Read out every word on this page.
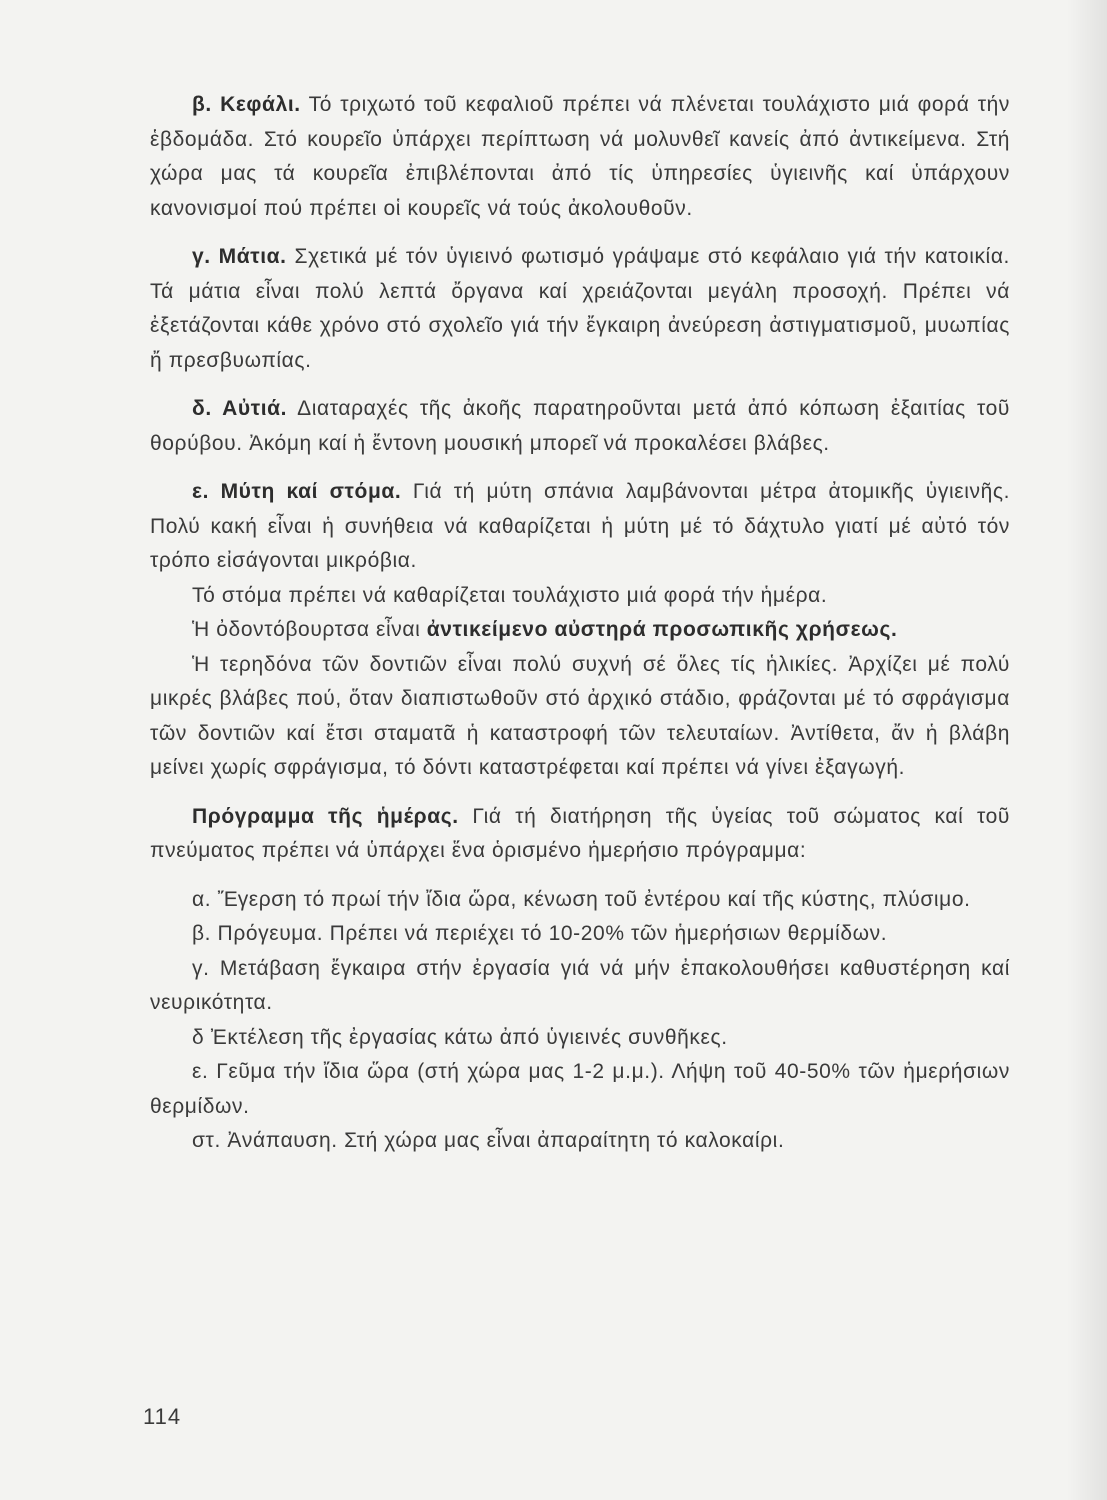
β. Κεφάλι. Τό τριχωτό τοῦ κεφαλιοῦ πρέπει νά πλένεται τουλάχιστο μιά φορά τήν ἑβδομάδα. Στό κουρεῖο ὑπάρχει περίπτωση νά μολυνθεῖ κανείς ἀπό ἀντικείμενα. Στή χώρα μας τά κουρεῖα ἐπιβλέπονται ἀπό τίς ὑπηρεσίες ὑγιεινῆς καί ὑπάρχουν κανονισμοί πού πρέπει οἱ κουρεῖς νά τούς ἀκολουθοῦν.

γ. Μάτια. Σχετικά μέ τόν ὑγιεινό φωτισμό γράψαμε στό κεφάλαιο γιά τήν κατοικία. Τά μάτια εἶναι πολύ λεπτά ὄργανα καί χρειάζονται μεγάλη προσοχή. Πρέπει νά ἐξετάζονται κάθε χρόνο στό σχολεῖο γιά τήν ἔγκαιρη ἀνεύρεση ἀστιγματισμοῦ, μυωπίας ἤ πρεσβυωπίας.

δ. Αὐτιά. Διαταραχές τῆς ἀκοῆς παρατηροῦνται μετά ἀπό κόπωση ἐξαιτίας τοῦ θορύβου. Ἀκόμη καί ἡ ἔντονη μουσική μπορεῖ νά προκαλέσει βλάβες.

ε. Μύτη καί στόμα. Γιά τή μύτη σπάνια λαμβάνονται μέτρα ἀτομικῆς ὑγιεινῆς. Πολύ κακή εἶναι ἡ συνήθεια νά καθαρίζεται ἡ μύτη μέ τό δάχτυλο γιατί μέ αὐτό τόν τρόπο εἰσάγονται μικρόβια.

Τό στόμα πρέπει νά καθαρίζεται τουλάχιστο μιά φορά τήν ἡμέρα.

Ἡ ὀδοντόβουρτσα εἶναι ἀντικείμενο αὐστηρά προσωπικῆς χρήσεως.

Ἡ τερηδόνα τῶν δοντιῶν εἶναι πολύ συχνή σέ ὅλες τίς ἡλικίες. Ἀρχίζει μέ πολύ μικρές βλάβες πού, ὅταν διαπιστωθοῦν στό ἀρχικό στάδιο, φράζονται μέ τό σφράγισμα τῶν δοντιῶν καί ἔτσι σταματᾶ ἡ καταστροφή τῶν τελευταίων. Ἀντίθετα, ἄν ἡ βλάβη μείνει χωρίς σφράγισμα, τό δόντι καταστρέφεται καί πρέπει νά γίνει ἐξαγωγή.

Πρόγραμμα τῆς ἡμέρας. Γιά τή διατήρηση τῆς ὑγείας τοῦ σώματος καί τοῦ πνεύματος πρέπει νά ὑπάρχει ἕνα ὁρισμένο ἡμερήσιο πρόγραμμα:

α. Ἔγερση τό πρωί τήν ἴδια ὥρα, κένωση τοῦ ἐντέρου καί τῆς κύστης, πλύσιμο.

β. Πρόγευμα. Πρέπει νά περιέχει τό 10-20% τῶν ἡμερήσιων θερμίδων.

γ. Μετάβαση ἔγκαιρα στήν ἐργασία γιά νά μήν ἐπακολουθήσει καθυστέρηση καί νευρικότητα.

δ Ἐκτέλεση τῆς ἐργασίας κάτω ἀπό ὑγιεινές συνθῆκες.

ε. Γεῦμα τήν ἴδια ὥρα (στή χώρα μας 1-2 μ.μ.). Λήψη τοῦ 40-50% τῶν ἡμερήσιων θερμίδων.

στ. Ἀνάπαυση. Στή χώρα μας εἶναι ἀπαραίτητη τό καλοκαίρι.

114
